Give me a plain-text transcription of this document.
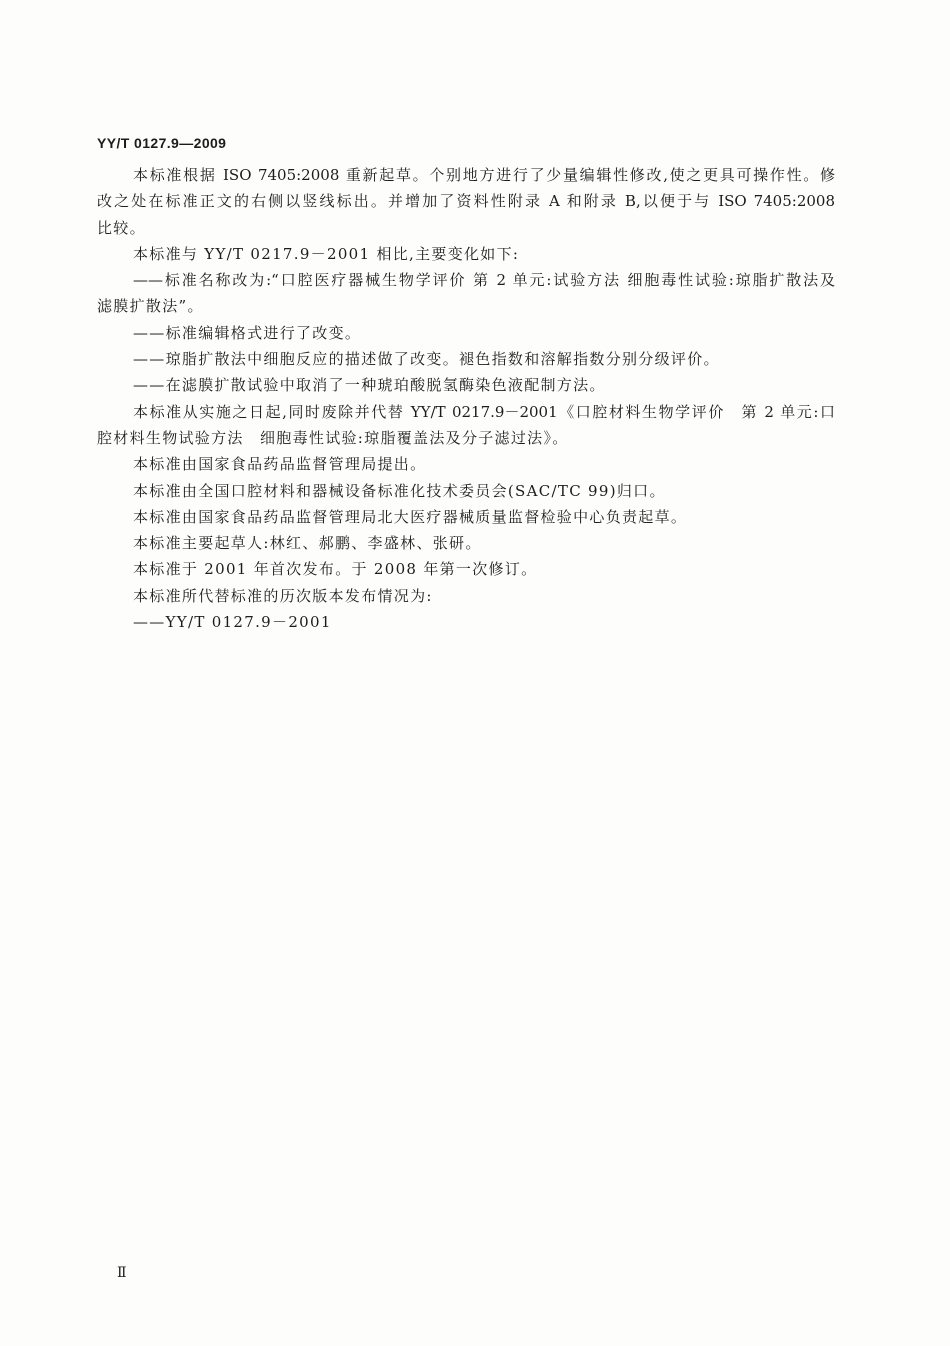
YY/T 0127.9—2009
本标准根据 ISO 7405:2008 重新起草。个别地方进行了少量编辑性修改,使之更具可操作性。修
改之处在标准正文的右侧以竖线标出。并增加了资料性附录 A 和附录 B,以便于与 ISO 7405:2008
比较。
本标准与 YY/T 0217.9－2001 相比,主要变化如下:
——标准名称改为:“口腔医疗器械生物学评价 第 2 单元:试验方法 细胞毒性试验:琼脂扩散法及
滤膜扩散法”。
——标准编辑格式进行了改变。
——琼脂扩散法中细胞反应的描述做了改变。褪色指数和溶解指数分别分级评价。
——在滤膜扩散试验中取消了一种琥珀酸脱氢酶染色液配制方法。
本标准从实施之日起,同时废除并代替 YY/T 0217.9－2001《口腔材料生物学评价　第 2 单元:口
腔材料生物试验方法　细胞毒性试验:琼脂覆盖法及分子滤过法》。
本标准由国家食品药品监督管理局提出。
本标准由全国口腔材料和器械设备标准化技术委员会(SAC/TC 99)归口。
本标准由国家食品药品监督管理局北大医疗器械质量监督检验中心负责起草。
本标准主要起草人:林红、郝鹏、李盛林、张研。
本标准于 2001 年首次发布。于 2008 年第一次修订。
本标准所代替标准的历次版本发布情况为:
——YY/T 0127.9－2001
Ⅱ
